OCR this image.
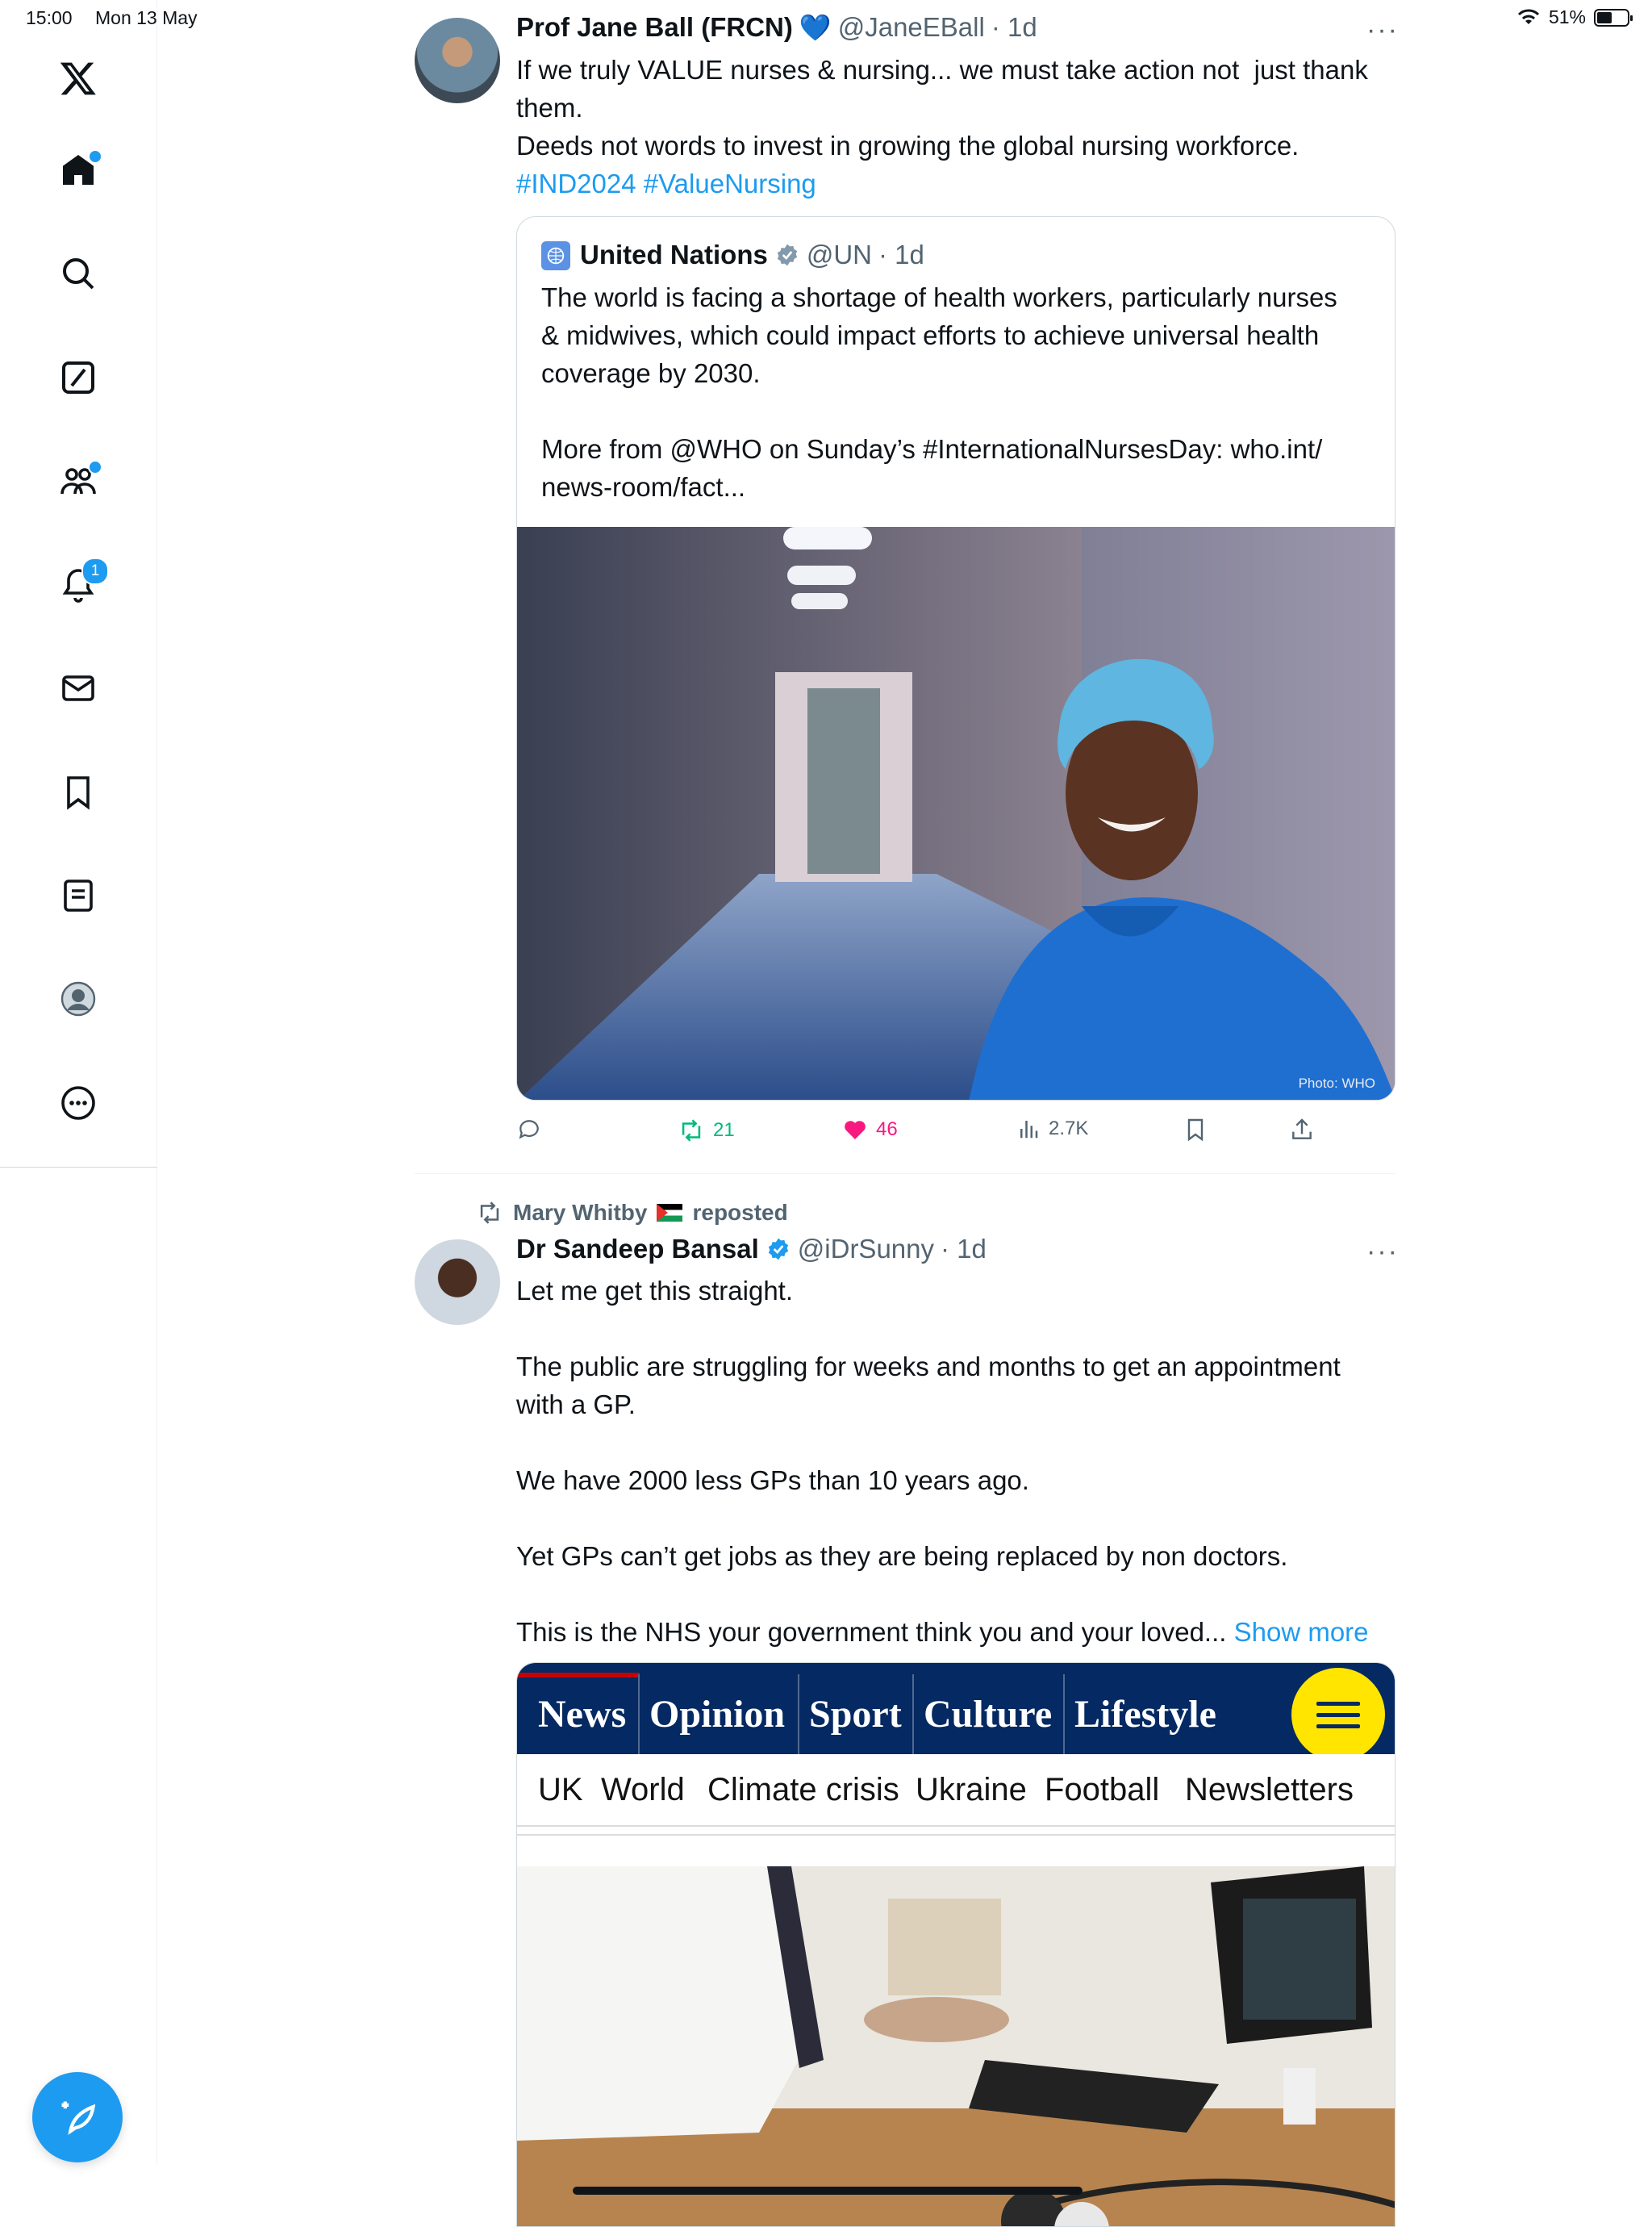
15:00 Mon 13 May	51%
1
Prof Jane Ball (FRCN) 💙 @JaneEBall · 1d	···
If we truly VALUE nurses & nursing... we must take action not  just thank
them.
Deeds not words to invest in growing the global nursing workforce.
#IND2024 #ValueNursing
United Nations @UN · 1d
The world is facing a shortage of health workers, particularly nurses
& midwives, which could impact efforts to achieve universal health
coverage by 2030.

More from @WHO on Sunday’s #InternationalNursesDay: who.int/
news-room/fact...
Photo: WHO
21	46	2.7K
Mary Whitby reposted
Dr Sandeep Bansal @iDrSunny · 1d	···
Let me get this straight.

The public are struggling for weeks and months to get an appointment
with a GP.

We have 2000 less GPs than 10 years ago.

Yet GPs can’t get jobs as they are being replaced by non doctors.

This is the NHS your government think you and your loved... Show more
News Opinion Sport Culture Lifestyle
UK World Climate crisis Ukraine Football Newsletters
